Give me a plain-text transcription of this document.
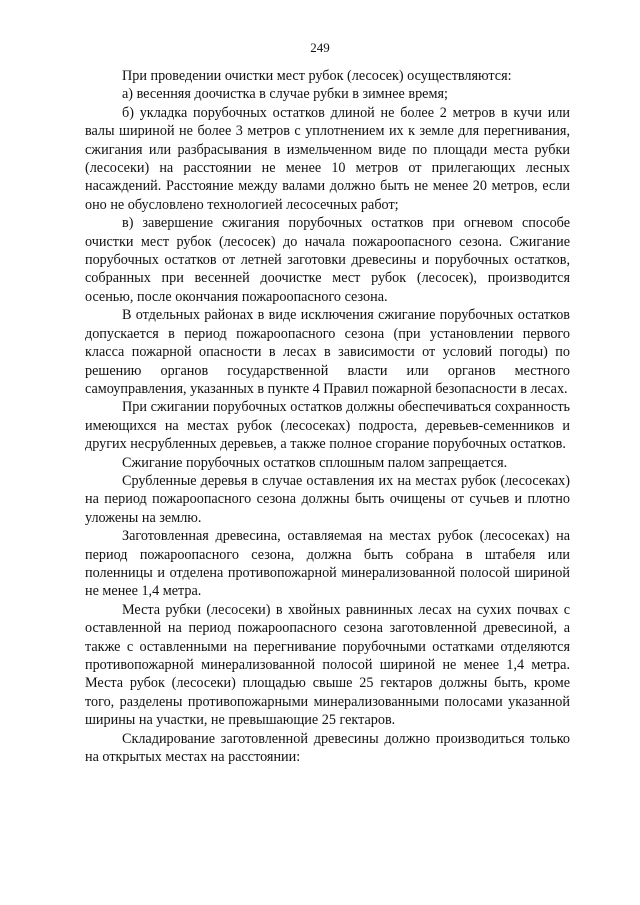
249

При проведении очистки мест рубок (лесосек) осуществляются:

а) весенняя доочистка в случае рубки в зимнее время;

б) укладка порубочных остатков длиной не более 2 метров в кучи или валы шириной не более 3 метров с уплотнением их к земле для перегнивания, сжигания или разбрасывания в измельченном виде по площади места рубки (лесосеки) на расстоянии не менее 10 метров от прилегающих лесных насаждений. Расстояние между валами должно быть не менее 20 метров, если оно не обусловлено технологией лесосечных работ;

в) завершение сжигания порубочных остатков при огневом способе очистки мест рубок (лесосек) до начала пожароопасного сезона. Сжигание порубочных остатков от летней заготовки древесины и порубочных остатков, собранных при весенней доочистке мест рубок (лесосек), производится осенью, после окончания пожароопасного сезона.

В отдельных районах в виде исключения сжигание порубочных остатков допускается в период пожароопасного сезона (при установлении первого класса пожарной опасности в лесах в зависимости от условий погоды) по решению органов государственной власти или органов местного самоуправления, указанных в пункте 4 Правил пожарной безопасности в лесах.

При сжигании порубочных остатков должны обеспечиваться сохранность имеющихся на местах рубок (лесосеках) подроста, деревьев-семенников и других несрубленных деревьев, а также полное сгорание порубочных остатков.

Сжигание порубочных остатков сплошным палом запрещается.

Срубленные деревья в случае оставления их на местах рубок (лесосеках) на период пожароопасного сезона должны быть очищены от сучьев и плотно уложены на землю.

Заготовленная древесина, оставляемая на местах рубок (лесосеках) на период пожароопасного сезона, должна быть собрана в штабеля или поленницы и отделена противопожарной минерализованной полосой шириной не менее 1,4 метра.

Места рубки (лесосеки) в хвойных равнинных лесах на сухих почвах с оставленной на период пожароопасного сезона заготовленной древесиной, а также с оставленными на перегнивание порубочными остатками отделяются противопожарной минерализованной полосой шириной не менее 1,4 метра. Места рубок (лесосеки) площадью свыше 25 гектаров должны быть, кроме того, разделены противопожарными минерализованными полосами указанной ширины на участки, не превышающие 25 гектаров.

Складирование заготовленной древесины должно производиться только на открытых местах на расстоянии:
